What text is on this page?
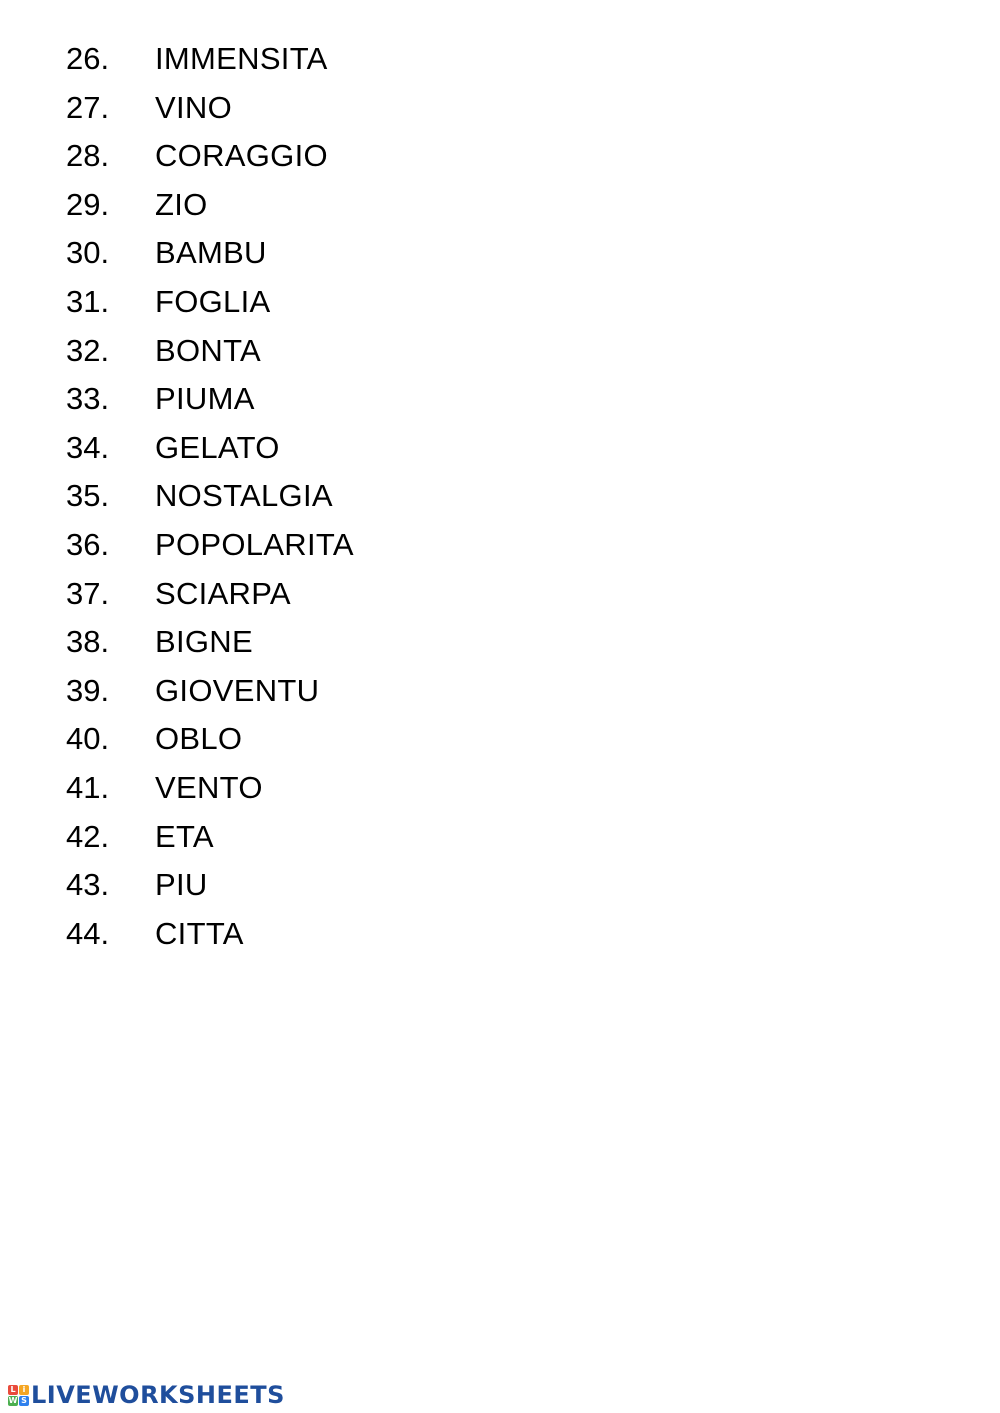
26. IMMENSITA
27. VINO
28. CORAGGIO
29. ZIO
30. BAMBU
31. FOGLIA
32. BONTA
33. PIUMA
34. GELATO
35. NOSTALGIA
36. POPOLARITA
37. SCIARPA
38. BIGNE
39. GIOVENTU
40. OBLO
41. VENTO
42. ETA
43. PIU
44. CITTA
L i
W S LIVEWORKSHEETS
